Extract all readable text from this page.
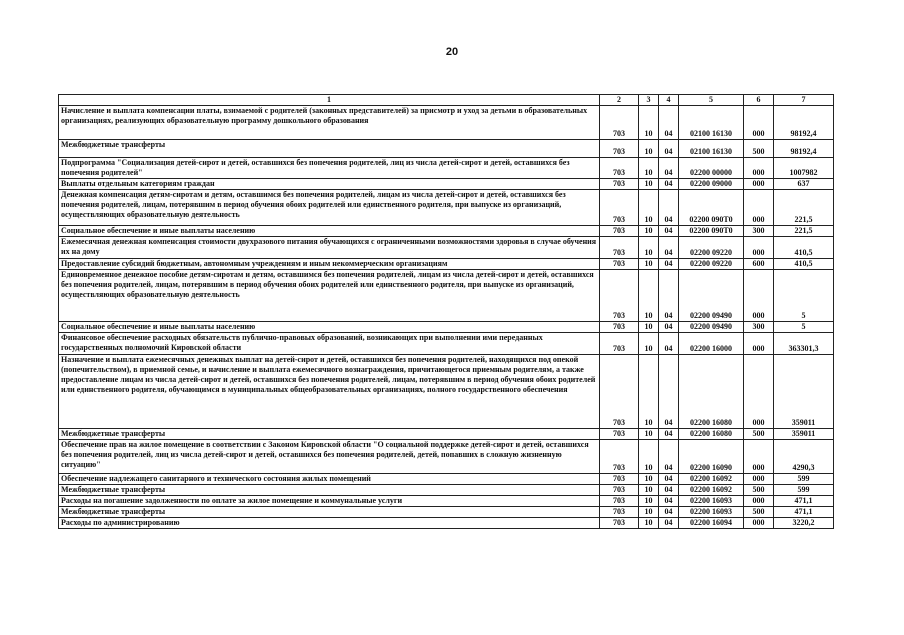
20
1	2	3	4	5	6	7
Начисление и выплата компенсации платы, взимаемой с родителей (законных представителей) за присмотр и уход за детьми в образовательных организациях, реализующих образовательную программу дошкольного образования	703	10	04	02100 16130	000	98192,4
Межбюджетные трансферты	703	10	04	02100 16130	500	98192,4
Подпрограмма "Социализация детей-сирот и детей, оставшихся без попечения родителей, лиц из числа детей-сирот и детей, оставшихся без попечения родителей"	703	10	04	02200 00000	000	1007982
Выплаты отдельным категориям граждан	703	10	04	02200 09000	000	637
Денежная компенсация детям-сиротам и детям, оставшимся без попечения родителей, лицам из числа детей-сирот и детей, оставшихся без попечения родителей, лицам, потерявшим в период обучения обоих родителей или единственного родителя, при выпуске из организаций, осуществляющих образовательную деятельность	703	10	04	02200 090Т0	000	221,5
Социальное обеспечение и иные выплаты населению	703	10	04	02200 090Т0	300	221,5
Ежемесячная денежная компенсация стоимости двухразового питания обучающихся с ограниченными возможностями здоровья в случае обучения их на дому	703	10	04	02200 09220	000	410,5
Предоставление субсидий бюджетным, автономным учреждениям и иным некоммерческим организациям	703	10	04	02200 09220	600	410,5
Единовременное денежное пособие детям-сиротам и детям, оставшимся без попечения родителей, лицам из числа детей-сирот и детей, оставшихся без попечения родителей, лицам, потерявшим в период обучения обоих родителей или единственного родителя, при выпуске из организаций, осуществляющих образовательную деятельность	703	10	04	02200 09490	000	5
Социальное обеспечение и иные выплаты населению	703	10	04	02200 09490	300	5
Финансовое обеспечение расходных обязательств публично-правовых образований, возникающих при выполнении ими переданных государственных полномочий Кировской области	703	10	04	02200 16000	000	363301,3
Назначение и выплата ежемесячных денежных выплат на детей-сирот и детей, оставшихся без попечения родителей, находящихся под опекой (попечительством), в приемной семье, и начисление и выплата ежемесячного вознаграждения, причитающегося приемным родителям, а также предоставление лицам из числа детей-сирот и детей, оставшихся без попечения родителей, лицам, потерявшим в период обучения обоих родителей или единственного родителя, обучающимся в муниципальных общеобразовательных организациях, полного государственного обеспечения	703	10	04	02200 16080	000	359011
Межбюджетные трансферты	703	10	04	02200 16080	500	359011
Обеспечение прав на жилое помещение в соответствии с Законом Кировской области "О социальной поддержке детей-сирот и детей, оставшихся без попечения родителей, лиц из числа детей-сирот и детей, оставшихся без попечения родителей, детей, попавших в сложную жизненную ситуацию"	703	10	04	02200 16090	000	4290,3
Обеспечение надлежащего санитарного и технического состояния жилых помещений	703	10	04	02200 16092	000	599
Межбюджетные трансферты	703	10	04	02200 16092	500	599
Расходы на погашение задолженности по оплате за жилое помещение и коммунальные услуги	703	10	04	02200 16093	000	471,1
Межбюджетные трансферты	703	10	04	02200 16093	500	471,1
Расходы по администрированию	703	10	04	02200 16094	000	3220,2
